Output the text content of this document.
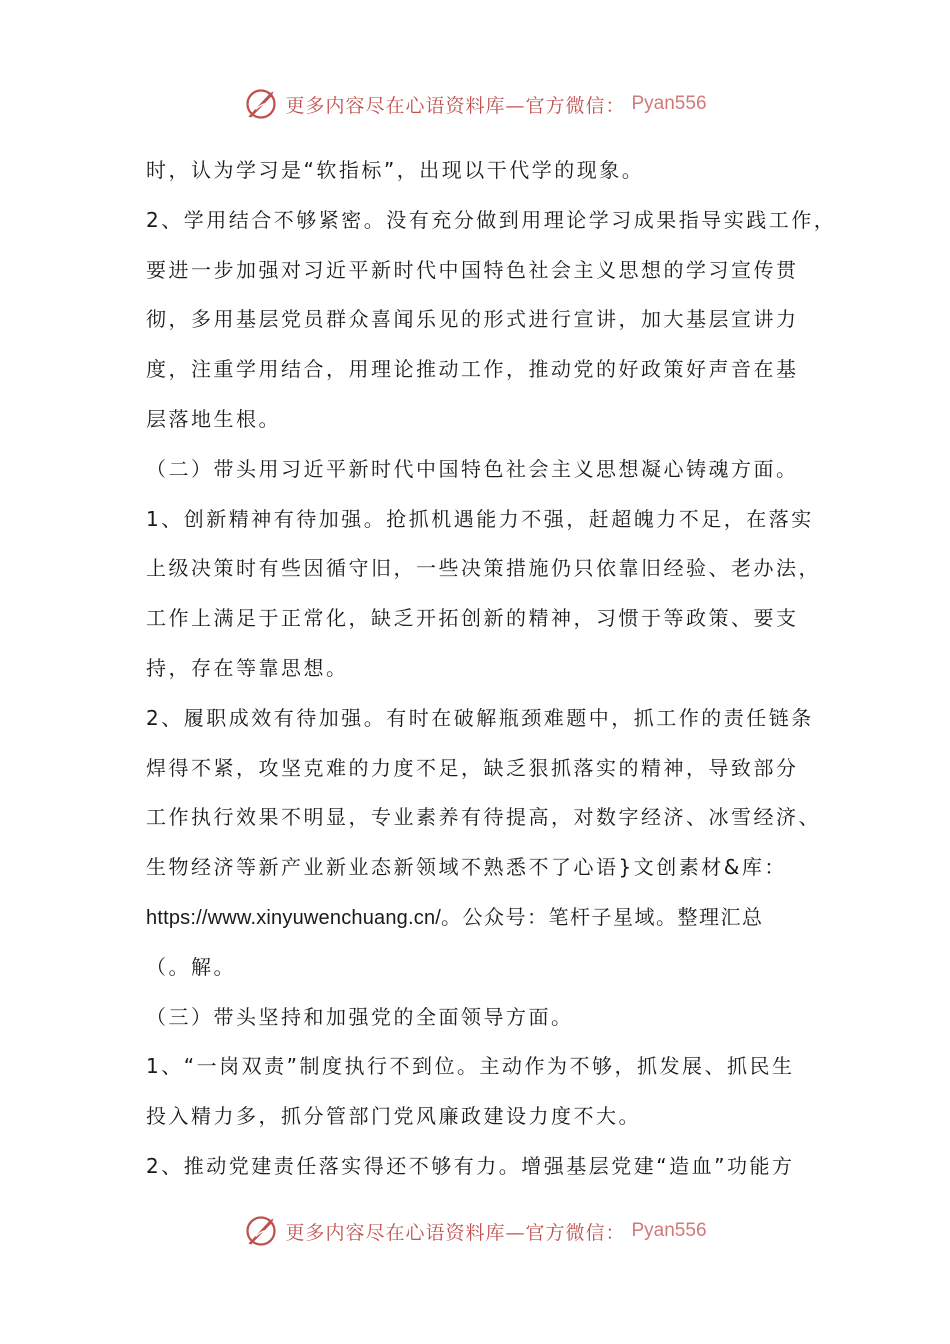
更多内容尽在心语资料库—官方微信： Pyan556
时，认为学习是“软指标”，出现以干代学的现象。
2、学用结合不够紧密。没有充分做到用理论学习成果指导实践工作，
要进一步加强对习近平新时代中国特色社会主义思想的学习宣传贯
彻，多用基层党员群众喜闻乐见的形式进行宣讲，加大基层宣讲力
度，注重学用结合，用理论推动工作，推动党的好政策好声音在基
层落地生根。
（二）带头用习近平新时代中国特色社会主义思想凝心铸魂方面。
1、创新精神有待加强。抢抓机遇能力不强，赶超魄力不足，在落实
上级决策时有些因循守旧，一些决策措施仍只依靠旧经验、老办法，
工作上满足于正常化，缺乏开拓创新的精神，习惯于等政策、要支
持，存在等靠思想。
2、履职成效有待加强。有时在破解瓶颈难题中，抓工作的责任链条
焊得不紧，攻坚克难的力度不足，缺乏狠抓落实的精神，导致部分
工作执行效果不明显，专业素养有待提高，对数字经济、冰雪经济、
生物经济等新产业新业态新领域不熟悉不了心语}文创素材&库：
https://www.xinyuwenchuang.cn/。公众号：笔杆子星域。整理汇总
（。解。
（三）带头坚持和加强党的全面领导方面。
1、“一岗双责”制度执行不到位。主动作为不够，抓发展、抓民生
投入精力多，抓分管部门党风廉政建设力度不大。
2、推动党建责任落实得还不够有力。增强基层党建“造血”功能方
更多内容尽在心语资料库—官方微信： Pyan556
